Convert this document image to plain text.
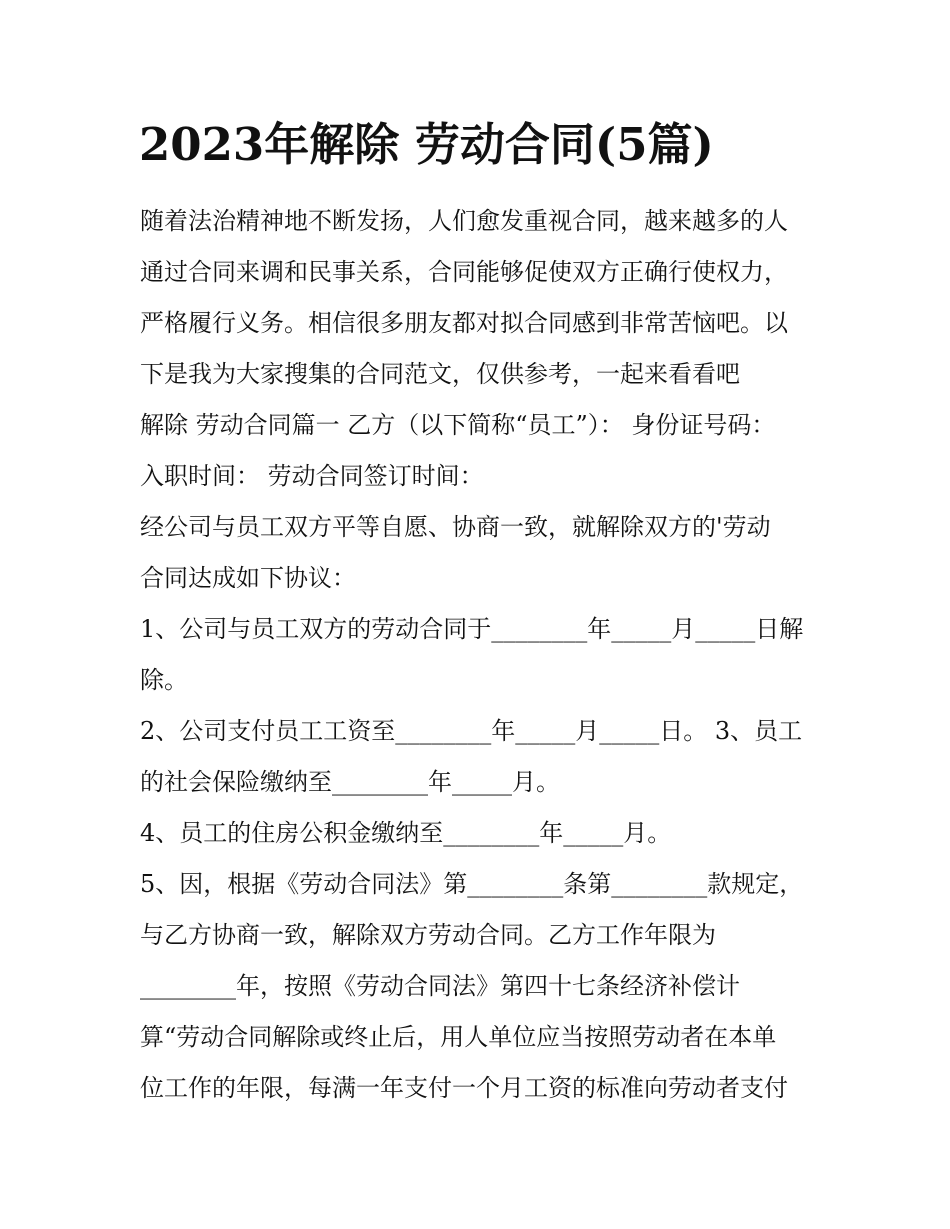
2023年解除 劳动合同(5篇)

随着法治精神地不断发扬，人们愈发重视合同，越来越多的人

通过合同来调和民事关系，合同能够促使双方正确行使权力，

严格履行义务。相信很多朋友都对拟合同感到非常苦恼吧。以

下是我为大家搜集的合同范文，仅供参考，一起来看看吧

解除 劳动合同篇一 乙方（以下简称“员工”）： 身份证号码：

入职时间： 劳动合同签订时间：

经公司与员工双方平等自愿、协商一致，就解除双方的'劳动

合同达成如下协议：

1、公司与员工双方的劳动合同于________年_____月_____日解

除。

2、公司支付员工工资至________年_____月_____日。 3、员工

的社会保险缴纳至________年_____月。

4、员工的住房公积金缴纳至________年_____月。

5、因，根据《劳动合同法》第________条第________款规定，

与乙方协商一致，解除双方劳动合同。乙方工作年限为

________年，按照《劳动合同法》第四十七条经济补偿计

算“劳动合同解除或终止后，用人单位应当按照劳动者在本单

位工作的年限，每满一年支付一个月工资的标准向劳动者支付
